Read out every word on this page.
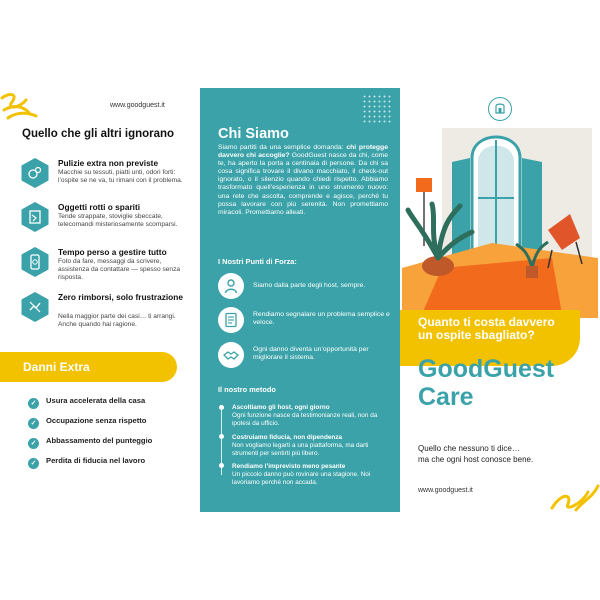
www.goodguest.it
Quello che gli altri ignorano
Pulizie extra non previste
Macchie su tessuti, piatti unti, odori forti: l’ospite se ne va, tu rimani con il problema.
Oggetti rotti o spariti
Tende strappate, stoviglie sbeccate, telecomandi misteriosamente scomparsi.
Tempo perso a gestire tutto
Foto da fare, messaggi da scrivere, assistenza da contattare — spesso senza risposta.
Zero rimborsi, solo frustrazione
Nella maggior parte dei casi… ti arrangi. Anche quando hai ragione.
Danni Extra
✓ Usura accelerata della casa
✓ Occupazione senza rispetto
✓ Abbassamento del punteggio
✓ Perdita di fiducia nel lavoro
Chi Siamo
Siamo partiti da una semplice domanda: chi protegge davvero chi accoglie? GoodGuest nasce da chi, come te, ha aperto la porta a centinaia di persone. Da chi sa cosa significa trovare il divano macchiato, il check-out ignorato, o il silenzio quando chiedi rispetto. Abbiamo trasformato quell’esperienza in uno strumento nuovo: una rete che ascolta, comprende e agisce, perché tu possa lavorare con più serenità. Non promettiamo miracoli. Promettiamo alleati.
I Nostri Punti di Forza:
Siamo dalla parte degli host, sempre.
Rendiamo segnalare un problema semplice e veloce.
Ogni danno diventa un’opportunità per migliorare il sistema.
Il nostro metodo
Ascoltiamo gli host, ogni giorno
Ogni funzione nasce da testimonianze reali, non da ipotesi da ufficio.
Costruiamo fiducia, non dipendenza
Non vogliamo legarti a una piattaforma, ma darti strumenti per sentirti più libero.
Rendiamo l’imprevisto meno pesante
Un piccolo danno può rovinare una stagione. Noi lavoriamo perché non accada.
Quanto ti costa davvero un ospite sbagliato?
GoodGuest Care
Quello che nessuno ti dice…
ma che ogni host conosce bene.
www.goodguest.it
